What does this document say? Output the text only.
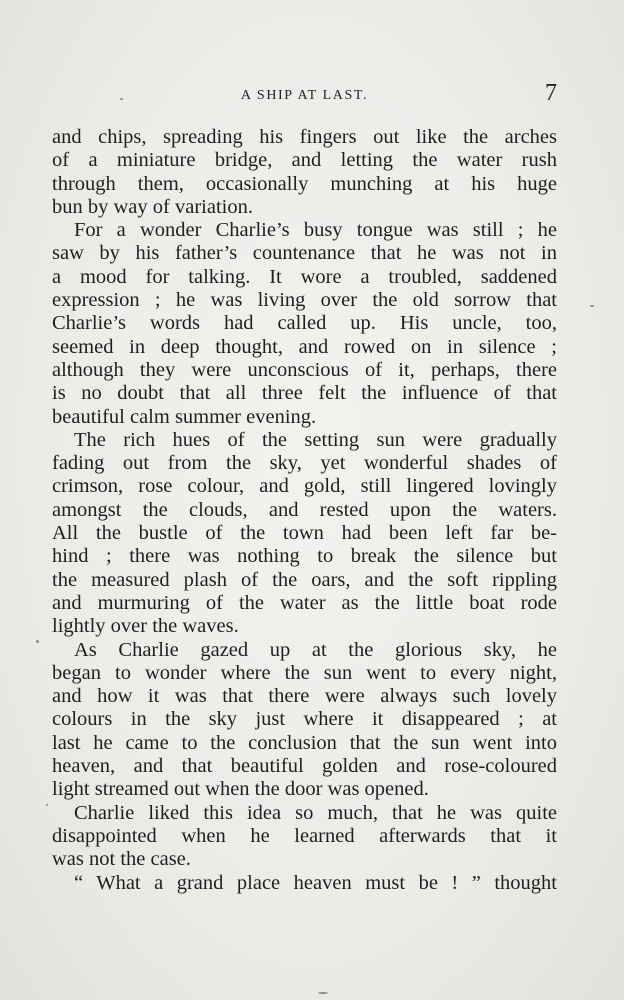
A SHIP AT LAST.	7
and chips, spreading his fingers out like the arches
of a miniature bridge, and letting the water rush
through them, occasionally munching at his huge
bun by way of variation.
For a wonder Charlie’s busy tongue was still ; he
saw by his father’s countenance that he was not in
a mood for talking. It wore a troubled, saddened
expression ; he was living over the old sorrow that
Charlie’s words had called up. His uncle, too,
seemed in deep thought, and rowed on in silence ;
although they were unconscious of it, perhaps, there
is no doubt that all three felt the influence of that
beautiful calm summer evening.
The rich hues of the setting sun were gradually
fading out from the sky, yet wonderful shades of
crimson, rose colour, and gold, still lingered lovingly
amongst the clouds, and rested upon the waters.
All the bustle of the town had been left far be-
hind ; there was nothing to break the silence but
the measured plash of the oars, and the soft rippling
and murmuring of the water as the little boat rode
lightly over the waves.
As Charlie gazed up at the glorious sky, he
began to wonder where the sun went to every night,
and how it was that there were always such lovely
colours in the sky just where it disappeared ; at
last he came to the conclusion that the sun went into
heaven, and that beautiful golden and rose-coloured
light streamed out when the door was opened.
Charlie liked this idea so much, that he was quite
disappointed when he learned afterwards that it
was not the case.
“ What a grand place heaven must be ! ” thought
